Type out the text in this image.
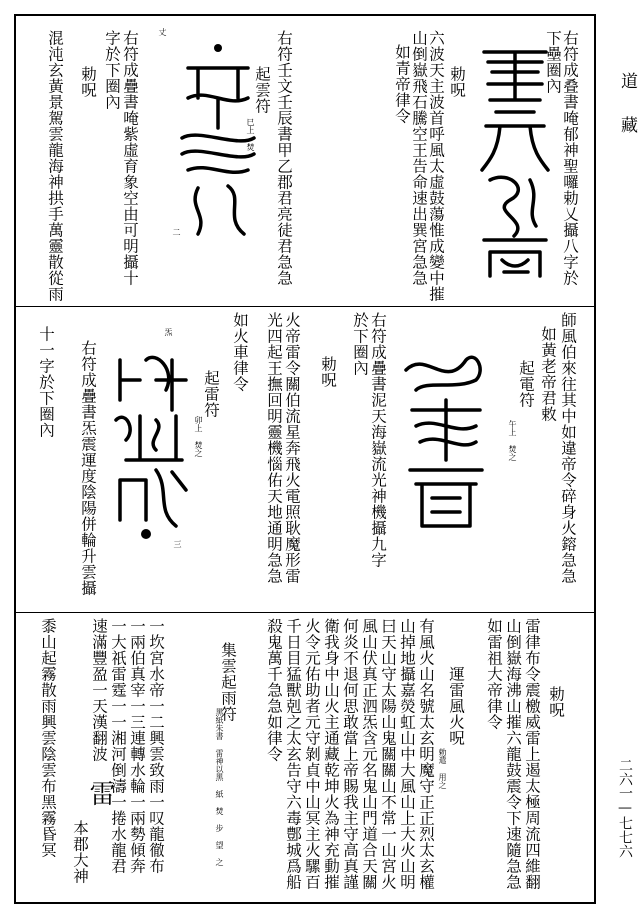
道
藏
二六一—七七六
右符成叠書唵郁神聖囉勅乂攝八字於
下壘圈內
勅呪
六波天主波首呼風太虛鼓蕩惟成變中摧
山倒嶽飛石騰空王告命速出巽宮急急
如青帝律令
右符壬文壬辰書甲乙郡君亮徒君急急
起雲符
巳上 焚
丈
二
右符成疊書唵紫虛育象空由可明攝十
字於下圈內
勅呪
混沌玄黃景駕雲龍海神拱手萬靈散從雨
師風伯來往其中如違帝令碎身火鎔急急
如黃老帝君敕
起電符
午上 焚之
右符成疊書泥天海嶽流光神機攝九字
於下圈內
勅呪
火帝雷令關伯流星奔飛火電照耿魔形雷
光四起王撫回明靈機惱佑天地通明急急
如火車律令
起雷符
卯上 焚之
三
炁
右符成疊書炁震運度陰陽併輪升雲攝
十一字於下圈內
勅呪
雷律布令震檄威雷上遏太極周流四維翻
山倒嶽海沸山摧六龍鼓震令下速隨急急
如雷祖大帝律令
運雷風火呪
勅遣 用之
有風火山名號太玄明魔守正正烈太玄權
山掉地攝嘉熒虹山中大風山上大火山明
曰天山守太陽山鬼關關山不常一山宮火
風山伏真正泗炁含元名鬼山門道合天關
何炎不退何思敢當上帝賜我主守高真謹
衛我身中山火主通藏乾坤火為神充動摧
火令元佑助者元守剝貞中山冥主火騾百
千日目猛獸剋之太玄告守六毒鄷城爲船
殺鬼萬千急急如律令
集雲起雨符
黑紙朱書 雷神以黑 紙 焚 步 望 之
一坎宮水帝一二興雲致雨一叹龍徹布
一兩伯真宰一三連轉水輪一兩勢傾奔
一大祇雷霆一一湘河倒濤一捲水龍君
速滿豐盈一天漢翻波
雷
本郡大神
黍山起霧散雨興雲陰雲布黑霧昏冥
